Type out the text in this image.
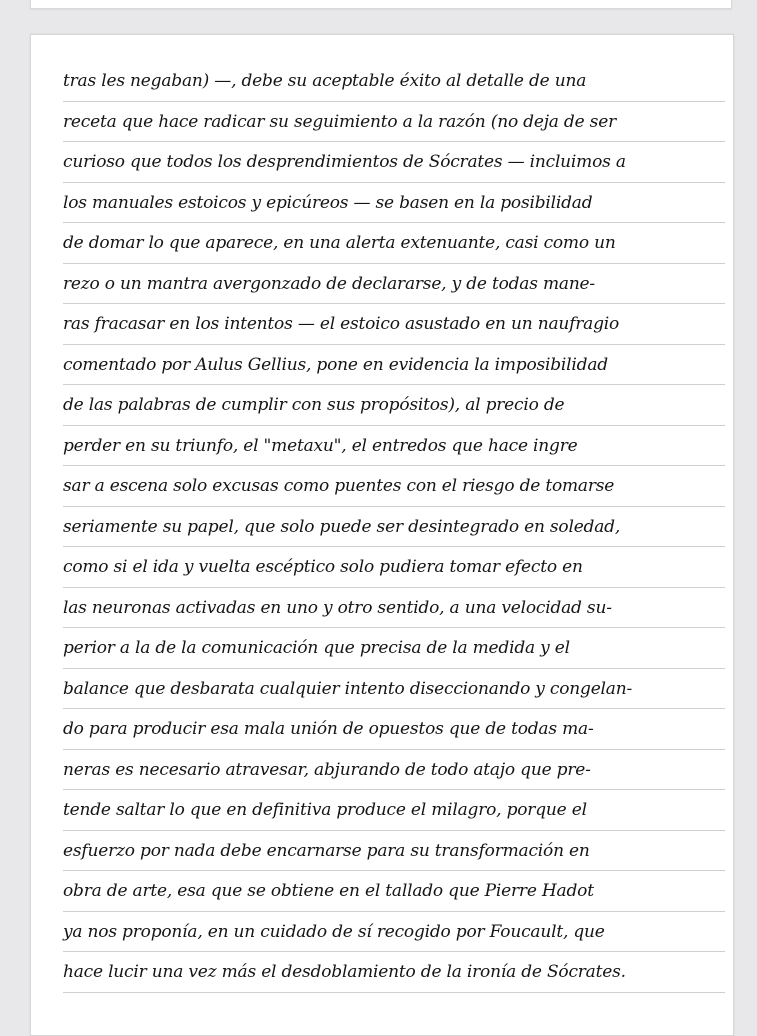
tras les negaban) —, debe su aceptable éxito al detalle de una
receta que hace radicar su seguimiento a la razón (no deja de ser
curioso que todos los desprendimientos de Sócrates — incluimos a
los manuales estoicos y epicúreos — se basen en la posibilidad
de domar lo que aparece, en una alerta extenuante, casi como un
rezo o un mantra avergonzado de declararse, y de todas mane-
ras fracasar en los intentos — el estoico asustado en un naufragio
comentado por Aulus Gellius, pone en evidencia la imposibilidad
de las palabras de cumplir con sus propósitos), al precio de
perder en su triunfo, el "metaxu", el entredos que hace ingre
sar a escena solo excusas como puentes con el riesgo de tomarse
seriamente su papel, que solo puede ser desintegrado en soledad,
como si el ida y vuelta escéptico solo pudiera tomar efecto en
las neuronas activadas en uno y otro sentido, a una velocidad su-
perior a la de la comunicación que precisa de la medida y el
balance que desbarata cualquier intento diseccionando y congelan-
do para producir esa mala unión de opuestos que de todas ma-
neras es necesario atravesar, abjurando de todo atajo que pre-
tende saltar lo que en definitiva produce el milagro, porque el
esfuerzo por nada debe encarnarse para su transformación en
obra de arte, esa que se obtiene en el tallado que Pierre Hadot
ya nos proponía, en un cuidado de sí recogido por Foucault, que
hace lucir una vez más el desdoblamiento de la ironía de Sócrates.
